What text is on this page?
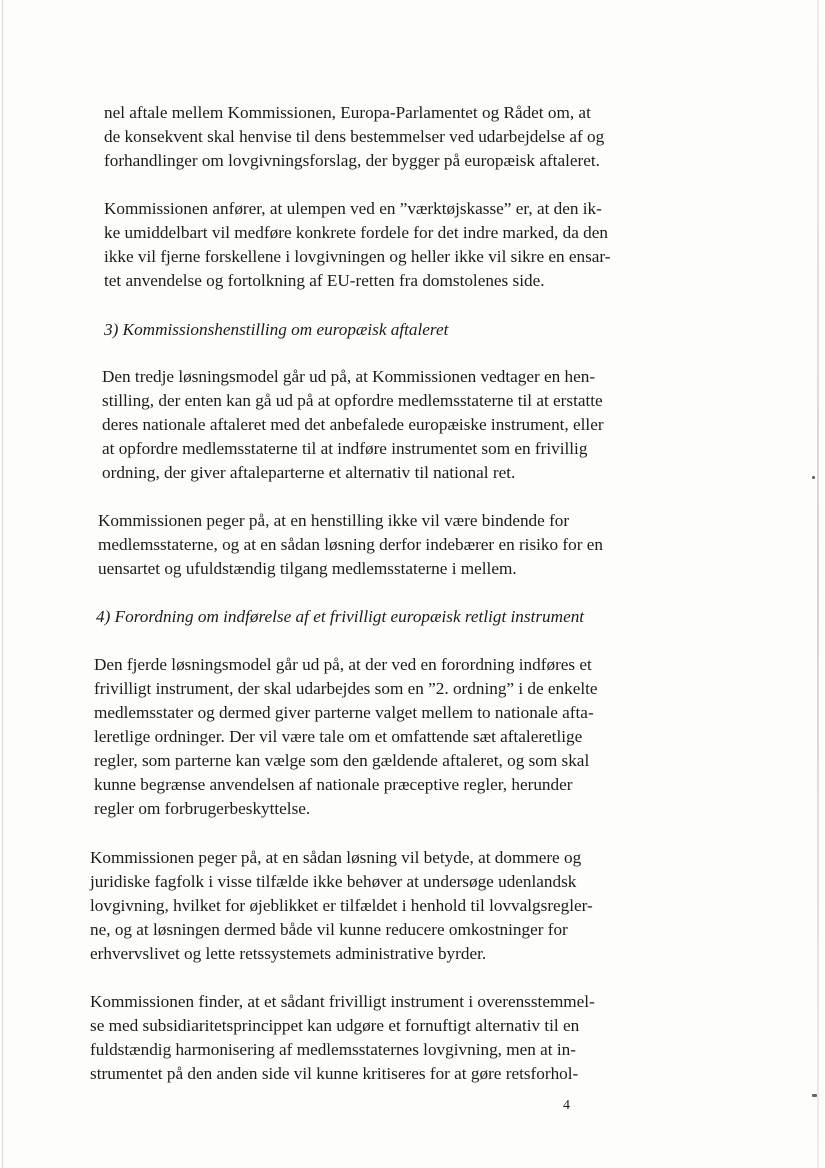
nel aftale mellem Kommissionen, Europa-Parlamentet og Rådet om, at
de konsekvent skal henvise til dens bestemmelser ved udarbejdelse af og
forhandlinger om lovgivningsforslag, der bygger på europæisk aftaleret.
Kommissionen anfører, at ulempen ved en ”værktøjskasse” er, at den ik-
ke umiddelbart vil medføre konkrete fordele for det indre marked, da den
ikke vil fjerne forskellene i lovgivningen og heller ikke vil sikre en ensar-
tet anvendelse og fortolkning af EU-retten fra domstolenes side.
3) Kommissionshenstilling om europæisk aftaleret
Den tredje løsningsmodel går ud på, at Kommissionen vedtager en hen-
stilling, der enten kan gå ud på at opfordre medlemsstaterne til at erstatte
deres nationale aftaleret med det anbefalede europæiske instrument, eller
at opfordre medlemsstaterne til at indføre instrumentet som en frivillig
ordning, der giver aftaleparterne et alternativ til national ret.
Kommissionen peger på, at en henstilling ikke vil være bindende for
medlemsstaterne, og at en sådan løsning derfor indebærer en risiko for en
uensartet og ufuldstændig tilgang medlemsstaterne i mellem.
4) Forordning om indførelse af et frivilligt europæisk retligt instrument
Den fjerde løsningsmodel går ud på, at der ved en forordning indføres et
frivilligt instrument, der skal udarbejdes som en ”2. ordning” i de enkelte
medlemsstater og dermed giver parterne valget mellem to nationale afta-
leretlige ordninger. Der vil være tale om et omfattende sæt aftaleretlige
regler, som parterne kan vælge som den gældende aftaleret, og som skal
kunne begrænse anvendelsen af nationale præceptive regler, herunder
regler om forbrugerbeskyttelse.
Kommissionen peger på, at en sådan løsning vil betyde, at dommere og
juridiske fagfolk i visse tilfælde ikke behøver at undersøge udenlandsk
lovgivning, hvilket for øjeblikket er tilfældet i henhold til lovvalgsregler-
ne, og at løsningen dermed både vil kunne reducere omkostninger for
erhvervslivet og lette retssystemets administrative byrder.
Kommissionen finder, at et sådant frivilligt instrument i overensstemmel-
se med subsidiaritetsprincippet kan udgøre et fornuftigt alternativ til en
fuldstændig harmonisering af medlemsstaternes lovgivning, men at in-
strumentet på den anden side vil kunne kritiseres for at gøre retsforhol-
4
